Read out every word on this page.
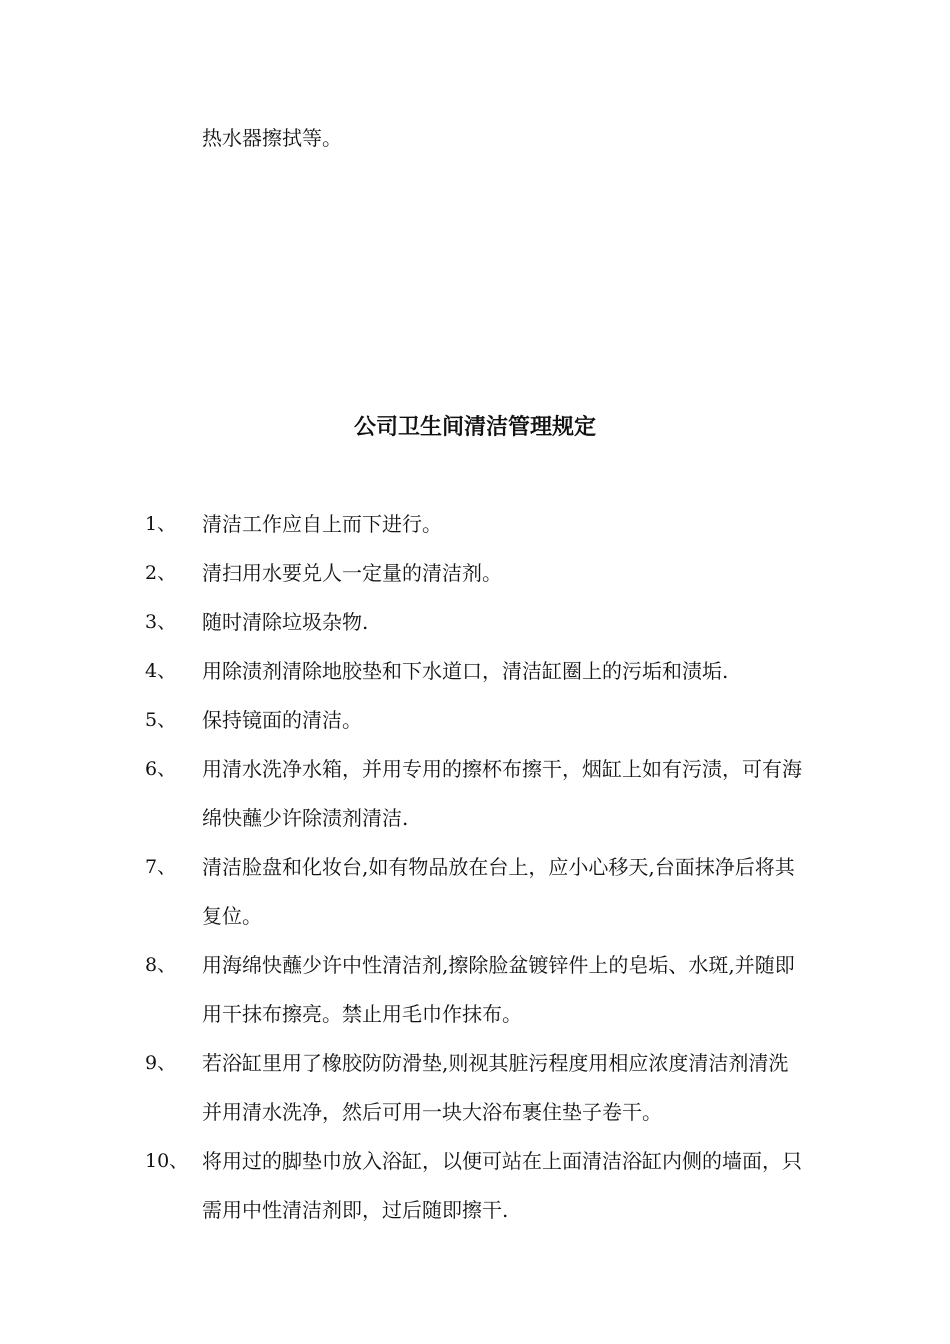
热水器擦拭等。
公司卫生间清洁管理规定
1、 清洁工作应自上而下进行。
2、 清扫用水要兑人一定量的清洁剂。
3、 随时清除垃圾杂物.
4、 用除渍剂清除地胶垫和下水道口，清洁缸圈上的污垢和渍垢.
5、 保持镜面的清洁。
6、 用清水洗净水箱，并用专用的擦杯布擦干，烟缸上如有污渍，可有海绵快蘸少许除渍剂清洁.
7、 清洁脸盘和化妆台,如有物品放在台上，应小心移天,台面抹净后将其复位。
8、 用海绵快蘸少许中性清洁剂,擦除脸盆镀锌件上的皂垢、水斑,并随即用干抹布擦亮。禁止用毛巾作抹布。
9、 若浴缸里用了橡胶防防滑垫,则视其脏污程度用相应浓度清洁剂清洗并用清水洗净，然后可用一块大浴布裹住垫子卷干。
10、 将用过的脚垫巾放入浴缸，以便可站在上面清洁浴缸内侧的墙面，只需用中性清洁剂即，过后随即擦干.
